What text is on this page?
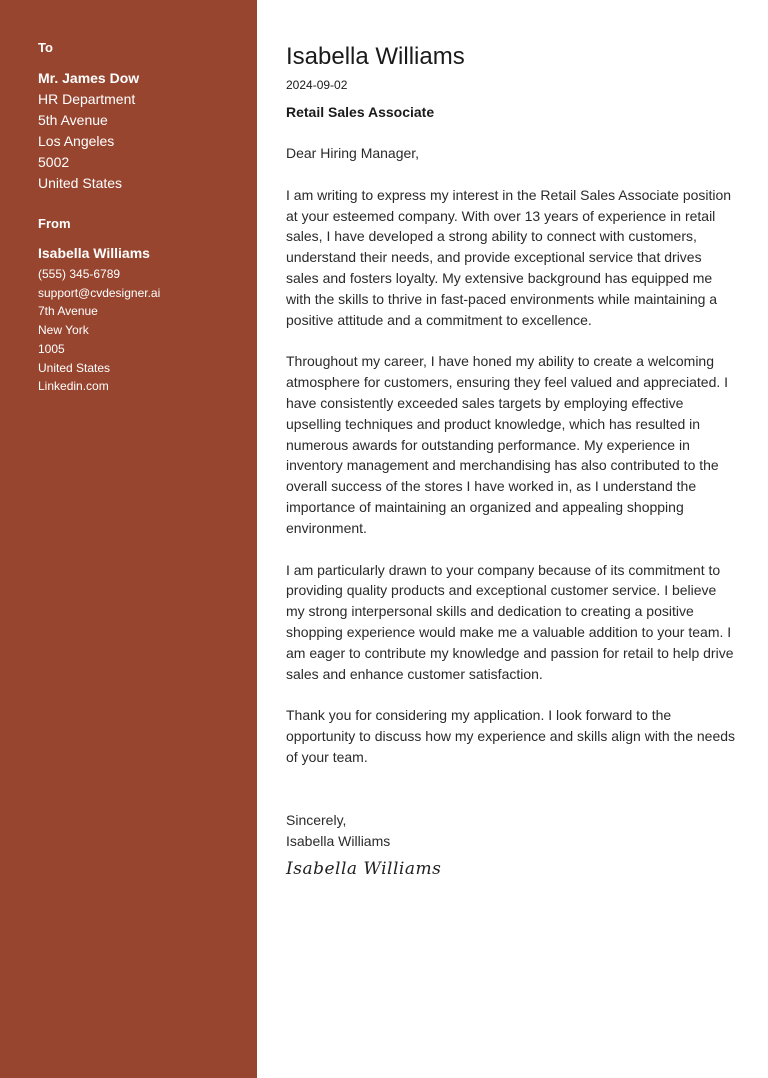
To
Mr. James Dow
HR Department
5th Avenue
Los Angeles
5002
United States
From
Isabella Williams
(555) 345-6789
support@cvdesigner.ai
7th Avenue
New York
1005
United States
Linkedin.com
Isabella Williams
2024-09-02
Retail Sales Associate
Dear Hiring Manager,

I am writing to express my interest in the Retail Sales Associate position at your esteemed company. With over 13 years of experience in retail sales, I have developed a strong ability to connect with customers, understand their needs, and provide exceptional service that drives sales and fosters loyalty. My extensive background has equipped me with the skills to thrive in fast-paced environments while maintaining a positive attitude and a commitment to excellence.

Throughout my career, I have honed my ability to create a welcoming atmosphere for customers, ensuring they feel valued and appreciated. I have consistently exceeded sales targets by employing effective upselling techniques and product knowledge, which has resulted in numerous awards for outstanding performance. My experience in inventory management and merchandising has also contributed to the overall success of the stores I have worked in, as I understand the importance of maintaining an organized and appealing shopping environment.

I am particularly drawn to your company because of its commitment to providing quality products and exceptional customer service. I believe my strong interpersonal skills and dedication to creating a positive shopping experience would make me a valuable addition to your team. I am eager to contribute my knowledge and passion for retail to help drive sales and enhance customer satisfaction.

Thank you for considering my application. I look forward to the opportunity to discuss how my experience and skills align with the needs of your team.

Sincerely,
Isabella Williams
Isabella Williams
